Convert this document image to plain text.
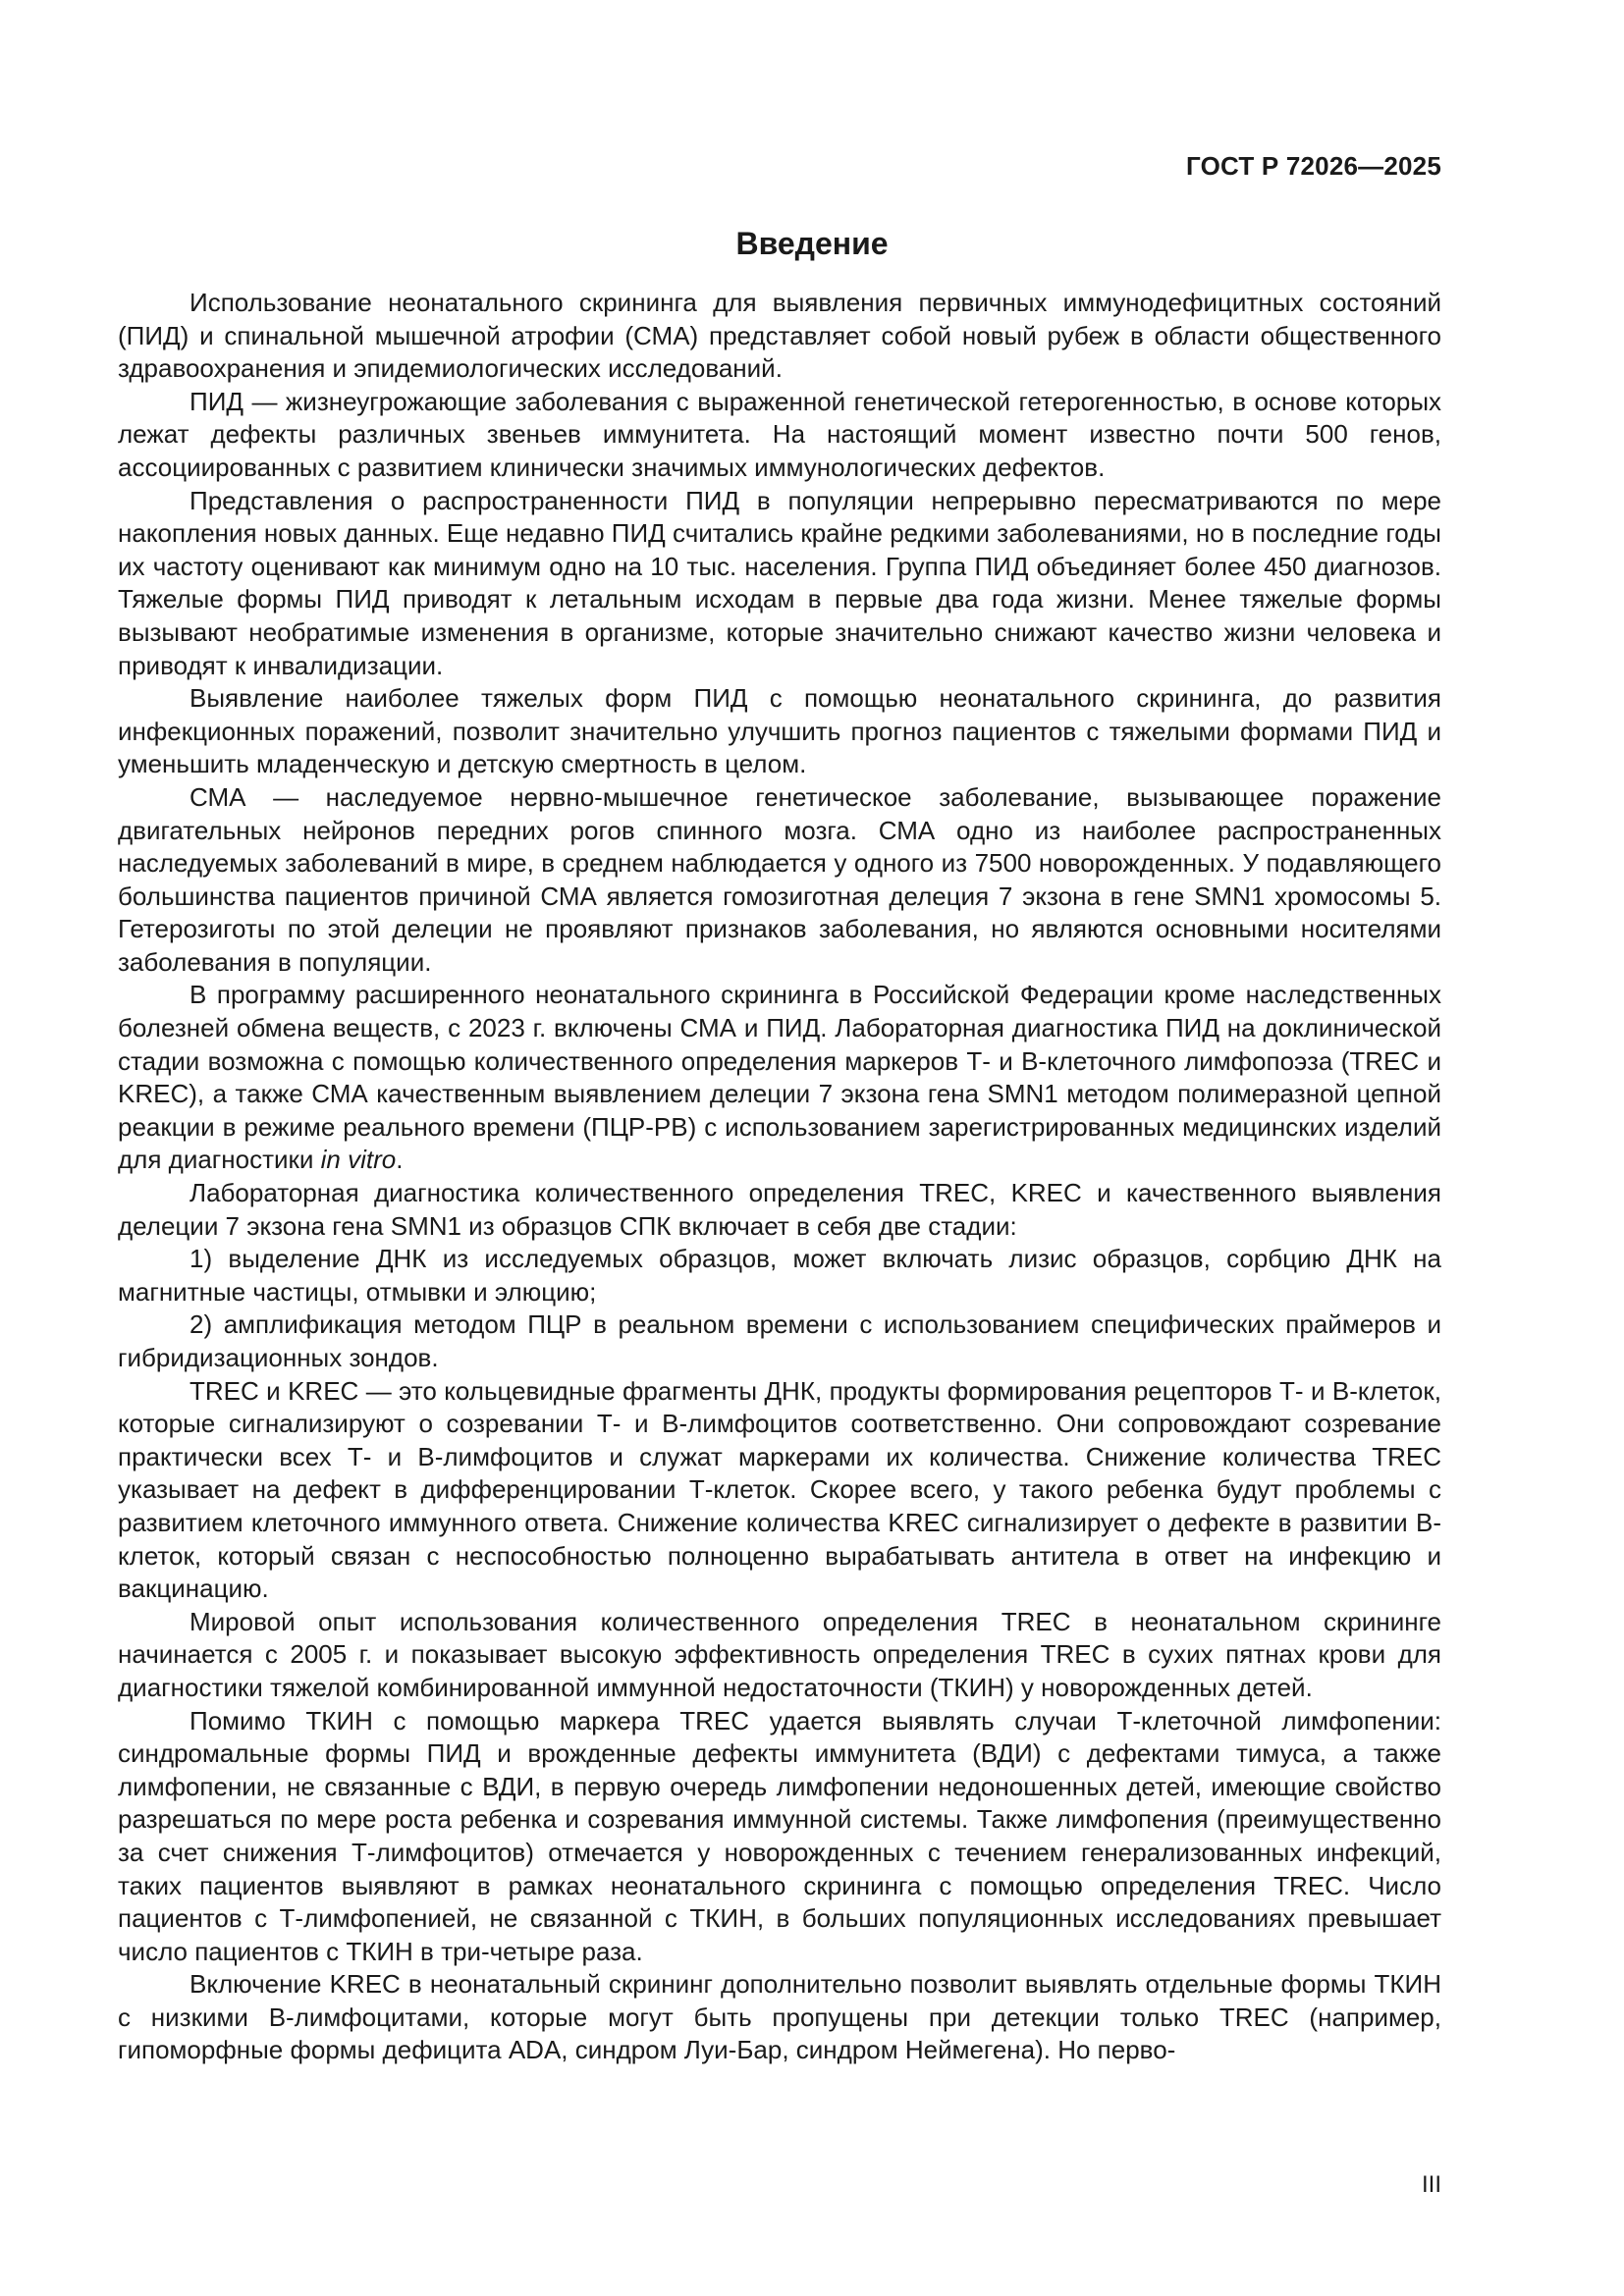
ГОСТ Р 72026—2025
Введение

Использование неонатального скрининга для выявления первичных иммунодефицитных состояний (ПИД) и спинальной мышечной атрофии (СМА) представляет собой новый рубеж в области общественного здравоохранения и эпидемиологических исследований.

ПИД — жизнеугрожающие заболевания с выраженной генетической гетерогенностью, в основе которых лежат дефекты различных звеньев иммунитета. На настоящий момент известно почти 500 генов, ассоциированных с развитием клинически значимых иммунологических дефектов.

Представления о распространенности ПИД в популяции непрерывно пересматриваются по мере накопления новых данных. Еще недавно ПИД считались крайне редкими заболеваниями, но в последние годы их частоту оценивают как минимум одно на 10 тыс. населения. Группа ПИД объединяет более 450 диагнозов. Тяжелые формы ПИД приводят к летальным исходам в первые два года жизни. Менее тяжелые формы вызывают необратимые изменения в организме, которые значительно снижают качество жизни человека и приводят к инвалидизации.

Выявление наиболее тяжелых форм ПИД с помощью неонатального скрининга, до развития инфекционных поражений, позволит значительно улучшить прогноз пациентов с тяжелыми формами ПИД и уменьшить младенческую и детскую смертность в целом.

СМА — наследуемое нервно-мышечное генетическое заболевание, вызывающее поражение двигательных нейронов передних рогов спинного мозга. СМА одно из наиболее распространенных наследуемых заболеваний в мире, в среднем наблюдается у одного из 7500 новорожденных. У подавляющего большинства пациентов причиной СМА является гомозиготная делеция 7 экзона в гене SMN1 хромосомы 5. Гетерозиготы по этой делеции не проявляют признаков заболевания, но являются основными носителями заболевания в популяции.

В программу расширенного неонатального скрининга в Российской Федерации кроме наследственных болезней обмена веществ, с 2023 г. включены СМА и ПИД. Лабораторная диагностика ПИД на доклинической стадии возможна с помощью количественного определения маркеров Т- и В-клеточного лимфопоэза (TREC и KREC), а также СМА качественным выявлением делеции 7 экзона гена SMN1 методом полимеразной цепной реакции в режиме реального времени (ПЦР-РВ) с использованием зарегистрированных медицинских изделий для диагностики in vitro.

Лабораторная диагностика количественного определения TREC, KREC и качественного выявления делеции 7 экзона гена SMN1 из образцов СПК включает в себя две стадии:

1) выделение ДНК из исследуемых образцов, может включать лизис образцов, сорбцию ДНК на магнитные частицы, отмывки и элюцию;

2) амплификация методом ПЦР в реальном времени с использованием специфических праймеров и гибридизационных зондов.

TREC и KREC — это кольцевидные фрагменты ДНК, продукты формирования рецепторов Т- и В-клеток, которые сигнализируют о созревании Т- и В-лимфоцитов соответственно. Они сопровождают созревание практически всех Т- и В-лимфоцитов и служат маркерами их количества. Снижение количества TREC указывает на дефект в дифференцировании Т-клеток. Скорее всего, у такого ребенка будут проблемы с развитием клеточного иммунного ответа. Снижение количества KREC сигнализирует о дефекте в развитии В-клеток, который связан с неспособностью полноценно вырабатывать антитела в ответ на инфекцию и вакцинацию.

Мировой опыт использования количественного определения TREC в неонатальном скрининге начинается с 2005 г. и показывает высокую эффективность определения TREC в сухих пятнах крови для диагностики тяжелой комбинированной иммунной недостаточности (ТКИН) у новорожденных детей.

Помимо ТКИН с помощью маркера TREC удается выявлять случаи Т-клеточной лимфопении: синдромальные формы ПИД и врожденные дефекты иммунитета (ВДИ) с дефектами тимуса, а также лимфопении, не связанные с ВДИ, в первую очередь лимфопении недоношенных детей, имеющие свойство разрешаться по мере роста ребенка и созревания иммунной системы. Также лимфопения (преимущественно за счет снижения Т-лимфоцитов) отмечается у новорожденных с течением генерализованных инфекций, таких пациентов выявляют в рамках неонатального скрининга с помощью определения TREC. Число пациентов с Т-лимфопенией, не связанной с ТКИН, в больших популяционных исследованиях превышает число пациентов с ТКИН в три-четыре раза.

Включение KREC в неонатальный скрининг дополнительно позволит выявлять отдельные формы ТКИН с низкими В-лимфоцитами, которые могут быть пропущены при детекции только TREC (например, гипоморфные формы дефицита ADA, синдром Луи-Бар, синдром Неймегена). Но перво-

III
